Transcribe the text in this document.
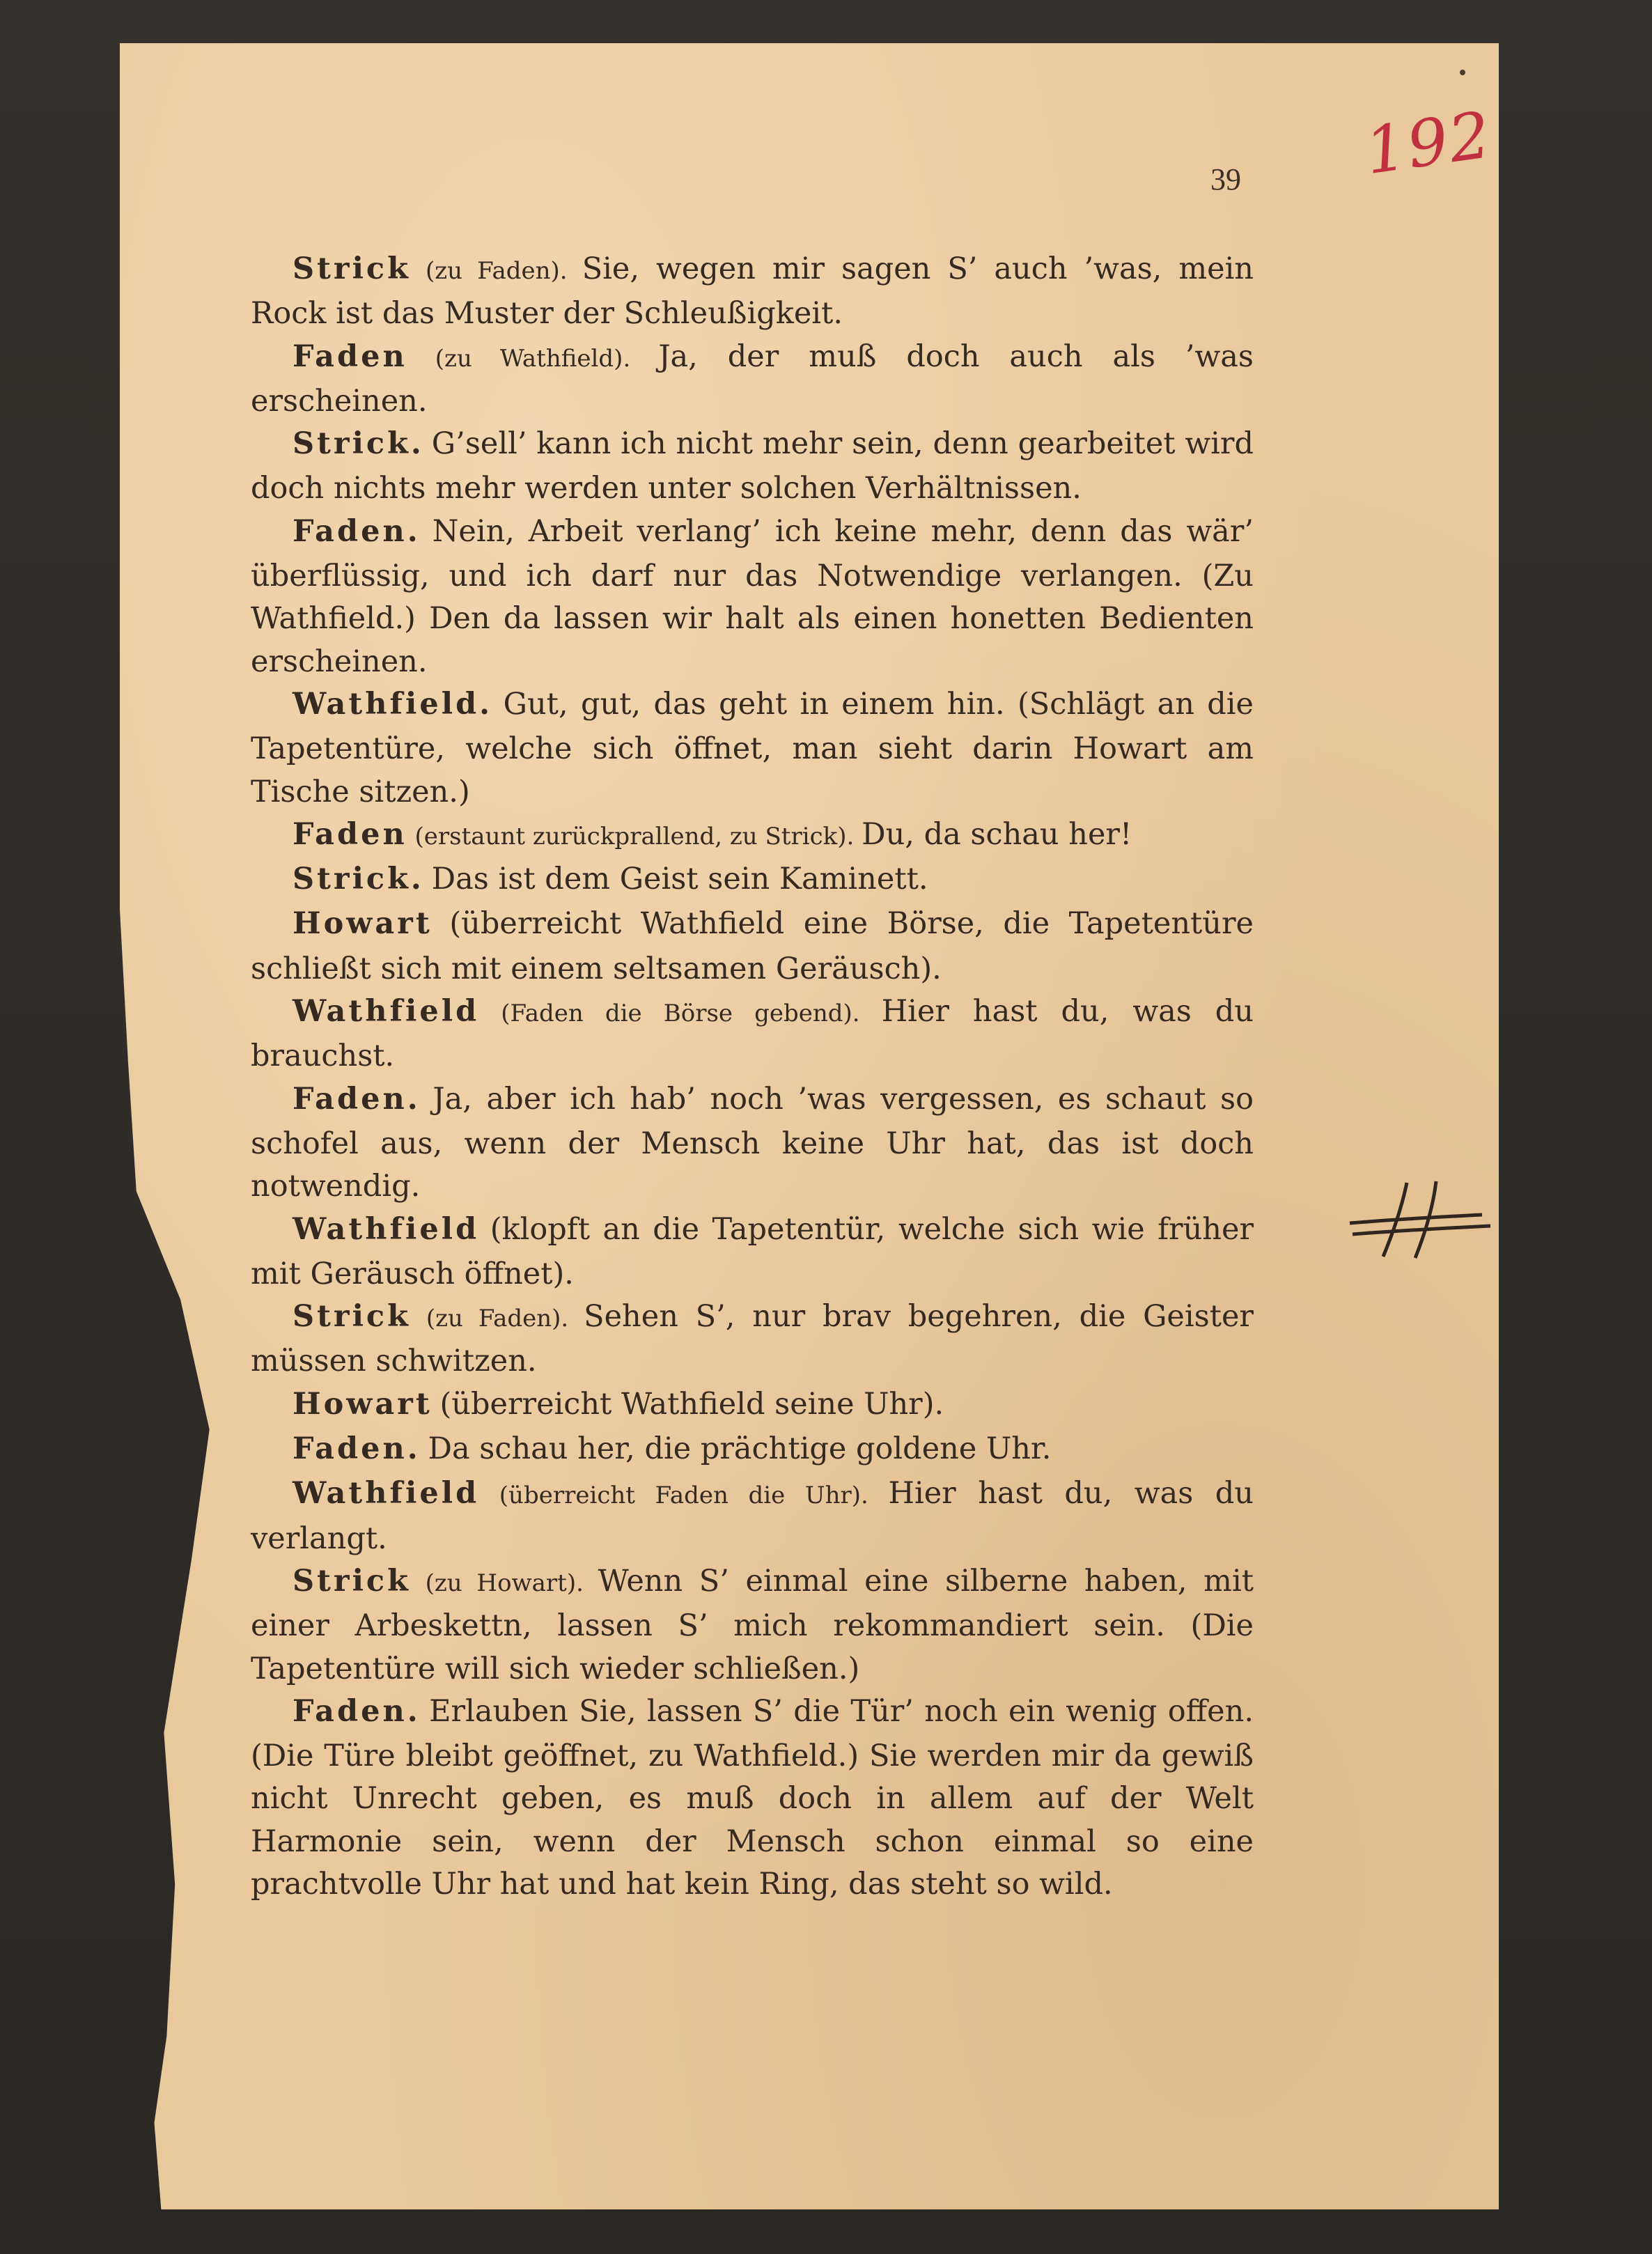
39 192

Strick (zu Faden). Sie, wegen mir sagen S’ auch ’was, mein Rock ist das Muster der Schleußigkeit.

Faden (zu Wathfield). Ja, der muß doch auch als ’was erscheinen.

Strick. G’sell’ kann ich nicht mehr sein, denn gearbeitet wird doch nichts mehr werden unter solchen Verhältnissen.

Faden. Nein, Arbeit verlang’ ich keine mehr, denn das wär’ überflüssig, und ich darf nur das Notwendige verlangen. (Zu Wathfield.) Den da lassen wir halt als einen honetten Bedienten erscheinen.

Wathfield. Gut, gut, das geht in einem hin. (Schlägt an die Tapetentüre, welche sich öffnet, man sieht darin Howart am Tische sitzen.)

Faden (erstaunt zurückprallend, zu Strick). Du, da schau her!

Strick. Das ist dem Geist sein Kaminett.

Howart (überreicht Wathfield eine Börse, die Tapetentüre schließt sich mit einem seltsamen Geräusch).

Wathfield (Faden die Börse gebend). Hier hast du, was du brauchst.

Faden. Ja, aber ich hab’ noch ’was vergessen, es schaut so schofel aus, wenn der Mensch keine Uhr hat, das ist doch notwendig.

Wathfield (klopft an die Tapetentür, welche sich wie früher mit Geräusch öffnet).

Strick (zu Faden). Sehen S’, nur brav begehren, die Geister müssen schwitzen.

Howart (überreicht Wathfield seine Uhr).

Faden. Da schau her, die prächtige goldene Uhr.

Wathfield (überreicht Faden die Uhr). Hier hast du, was du verlangt.

Strick (zu Howart). Wenn S’ einmal eine silberne haben, mit einer Arbeskettn, lassen S’ mich rekommandiert sein. (Die Tapetentüre will sich wieder schließen.)

Faden. Erlauben Sie, lassen S’ die Tür’ noch ein wenig offen. (Die Türe bleibt geöffnet, zu Wathfield.) Sie werden mir da gewiß nicht Unrecht geben, es muß doch in allem auf der Welt Harmonie sein, wenn der Mensch schon einmal so eine prachtvolle Uhr hat und hat kein Ring, das steht so wild.
